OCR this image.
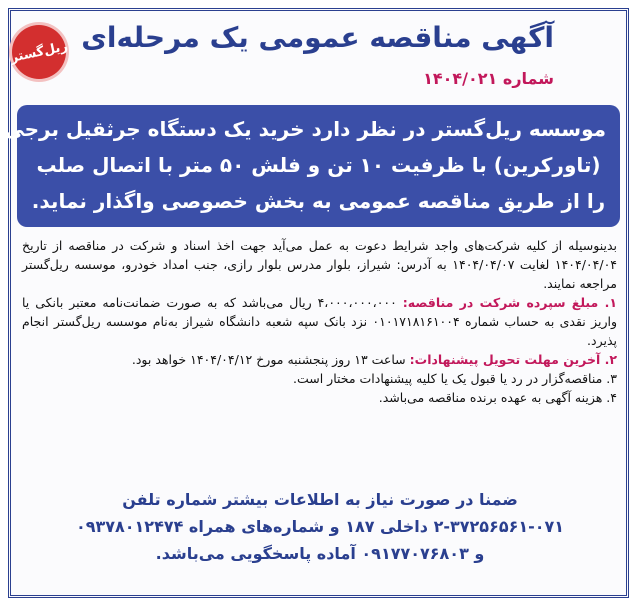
ریل‌گستر آگهی مناقصه عمومی یک مرحله‌ای
شماره ۱۴۰۴/۰۲۱
موسسه ریل‌گستر در نظر دارد خرید یک دستگاه جرثقیل برجی
(تاورکرین) با ظرفیت ۱۰ تن و فلش ۵۰ متر با اتصال صلب
را از طریق مناقصه عمومی به بخش خصوصی واگذار نماید.

بدینوسیله از کلیه شرکت‌های واجد شرایط دعوت به عمل می‌آید جهت اخذ اسناد و شرکت در مناقصه از تاریخ ۱۴۰۴/۰۴/۰۴ لغایت ۱۴۰۴/۰۴/۰۷ به آدرس: شیراز، بلوار مدرس بلوار رازی، جنب امداد خودرو، موسسه ریل‌گستر مراجعه نمایند.

۱. مبلغ سپرده شرکت در مناقصه: ۴،۰۰۰،۰۰۰،۰۰۰ ریال می‌باشد که به صورت ضمانت‌نامه معتبر بانکی یا واریز نقدی به حساب شماره ۰۱۰۱۷۱۸۱۶۱۰۰۴ نزد بانک سپه شعبه دانشگاه شیراز به‌نام موسسه ریل‌گستر انجام پذیرد.

۲. آخرین مهلت تحویل پیشنهادات: ساعت ۱۳ روز پنجشنبه مورخ ۱۴۰۴/۰۴/۱۲ خواهد بود.

۳. مناقصه‌گزار در رد یا قبول یک یا کلیه پیشنهادات مختار است.

۴. هزینه آگهی به عهده برنده مناقصه می‌باشد.

ضمنا در صورت نیاز به اطلاعات بیشتر شماره تلفن
۲-۳۷۲۵۶۵۶۱-۰۷۱ داخلی ۱۸۷ و شماره‌های همراه ۰۹۳۷۸۰۱۲۴۷۴
و ۰۹۱۷۷۰۷۶۸۰۳ آماده پاسخگویی می‌باشد.
